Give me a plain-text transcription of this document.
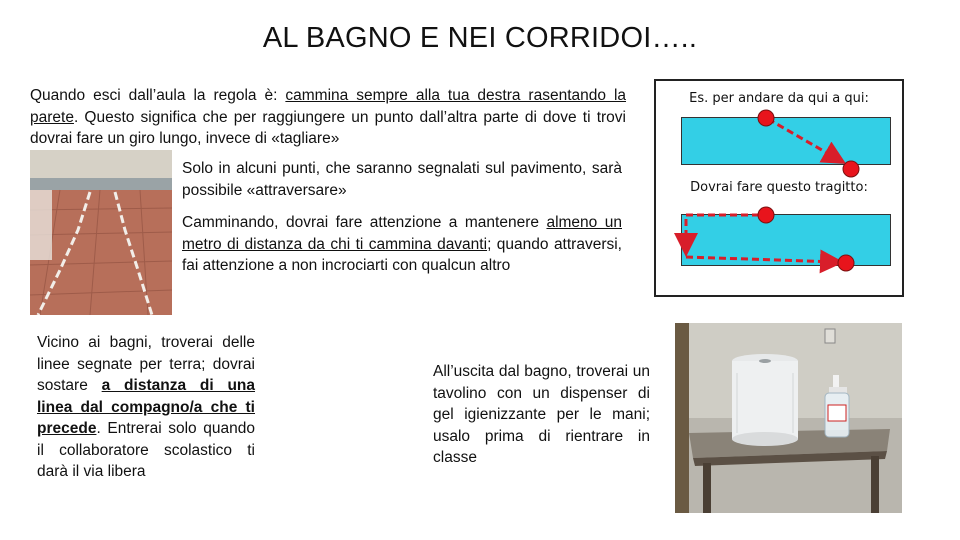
AL BAGNO E NEI CORRIDOI…..
Quando esci dall’aula la regola è: cammina sempre alla tua destra rasentando la parete. Questo significa che per raggiungere un punto dall’altra parte di dove ti trovi dovrai fare un giro lungo, invece di «tagliare»
Solo in alcuni punti, che saranno segnalati sul pavimento, sarà possibile «attraversare»
Camminando, dovrai fare attenzione a mantenere almeno un metro di distanza da chi ti cammina davanti; quando attraversi, fai attenzione a non incrociarti con qualcun altro
Vicino ai bagni, troverai delle linee segnate per terra; dovrai sostare a distanza di una linea dal compagno/a che ti precede. Entrerai solo quando il collaboratore scolastico ti darà il via libera
All’uscita dal bagno, troverai un tavolino con un dispenser di gel igienizzante per le mani; usalo prima di rientrare in classe
Es. per andare da qui a qui:
Dovrai fare questo tragitto:
